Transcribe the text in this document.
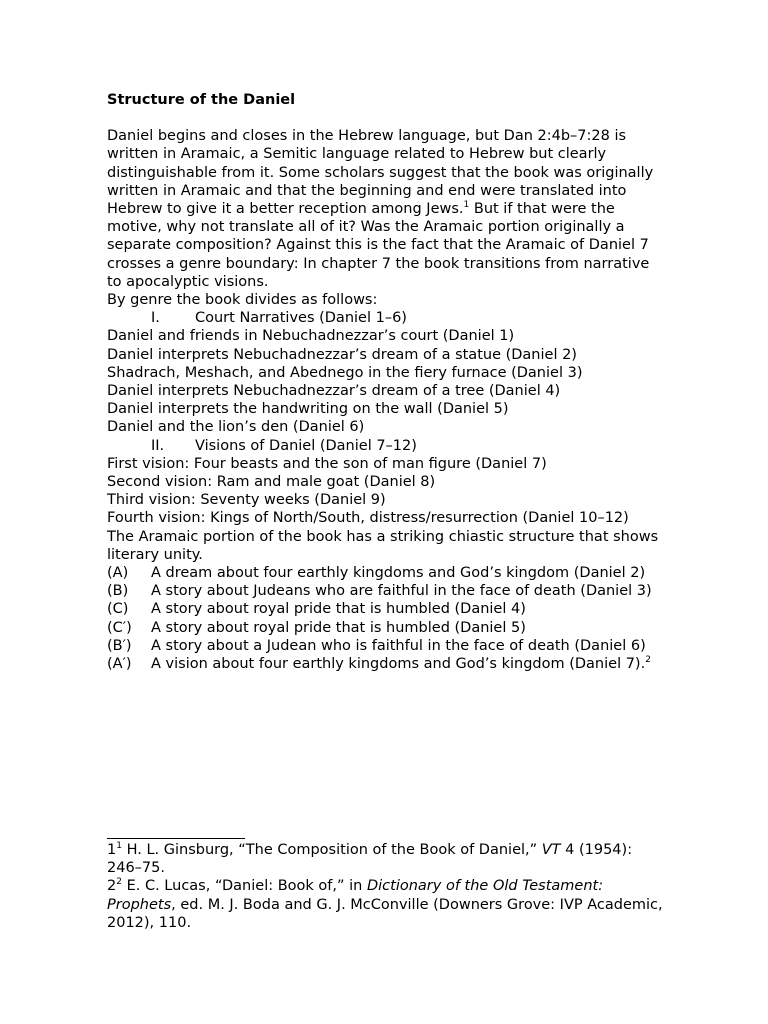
Structure of the Daniel

Daniel begins and closes in the Hebrew language, but Dan 2:4b–7:28 is written in Aramaic, a Semitic language related to Hebrew but clearly distinguishable from it. Some scholars suggest that the book was originally written in Aramaic and that the beginning and end were translated into Hebrew to give it a better reception among Jews.$^1$ But if that were the motive, why not translate all of it? Was the Aramaic portion originally a separate composition? Against this is the fact that the Aramaic of Daniel 7 crosses a genre boundary: In chapter 7 the book transitions from narrative to apocalyptic visions.

By genre the book divides as follows:

I. Court Narratives (Daniel 1–6)

Daniel and friends in Nebuchadnezzar’s court (Daniel 1)

Daniel interprets Nebuchadnezzar’s dream of a statue (Daniel 2)

Shadrach, Meshach, and Abednego in the fiery furnace (Daniel 3)

Daniel interprets Nebuchadnezzar’s dream of a tree (Daniel 4)

Daniel interprets the handwriting on the wall (Daniel 5)

Daniel and the lion’s den (Daniel 6)

II. Visions of Daniel (Daniel 7–12)

First vision: Four beasts and the son of man figure (Daniel 7)

Second vision: Ram and male goat (Daniel 8)

Third vision: Seventy weeks (Daniel 9)

Fourth vision: Kings of North/South, distress/resurrection (Daniel 10–12)

The Aramaic portion of the book has a striking chiastic structure that shows literary unity.

(A) A dream about four earthly kingdoms and God’s kingdom (Daniel 2)
(B) A story about Judeans who are faithful in the face of death (Daniel 3)
(C) A story about royal pride that is humbled (Daniel 4)
(C′) A story about royal pride that is humbled (Daniel 5)
(B′) A story about a Judean who is faithful in the face of death (Daniel 6)
(A′) A vision about four earthly kingdoms and God’s kingdom (Daniel 7).$^2$

$1^1$ H. L. Ginsburg, “The Composition of the Book of Daniel,” VT 4 (1954): 246–75.

$2^2$ E. C. Lucas, “Daniel: Book of,” in Dictionary of the Old Testament: Prophets, ed. M. J. Boda and G. J. McConville (Downers Grove: IVP Academic, 2012), 110.
